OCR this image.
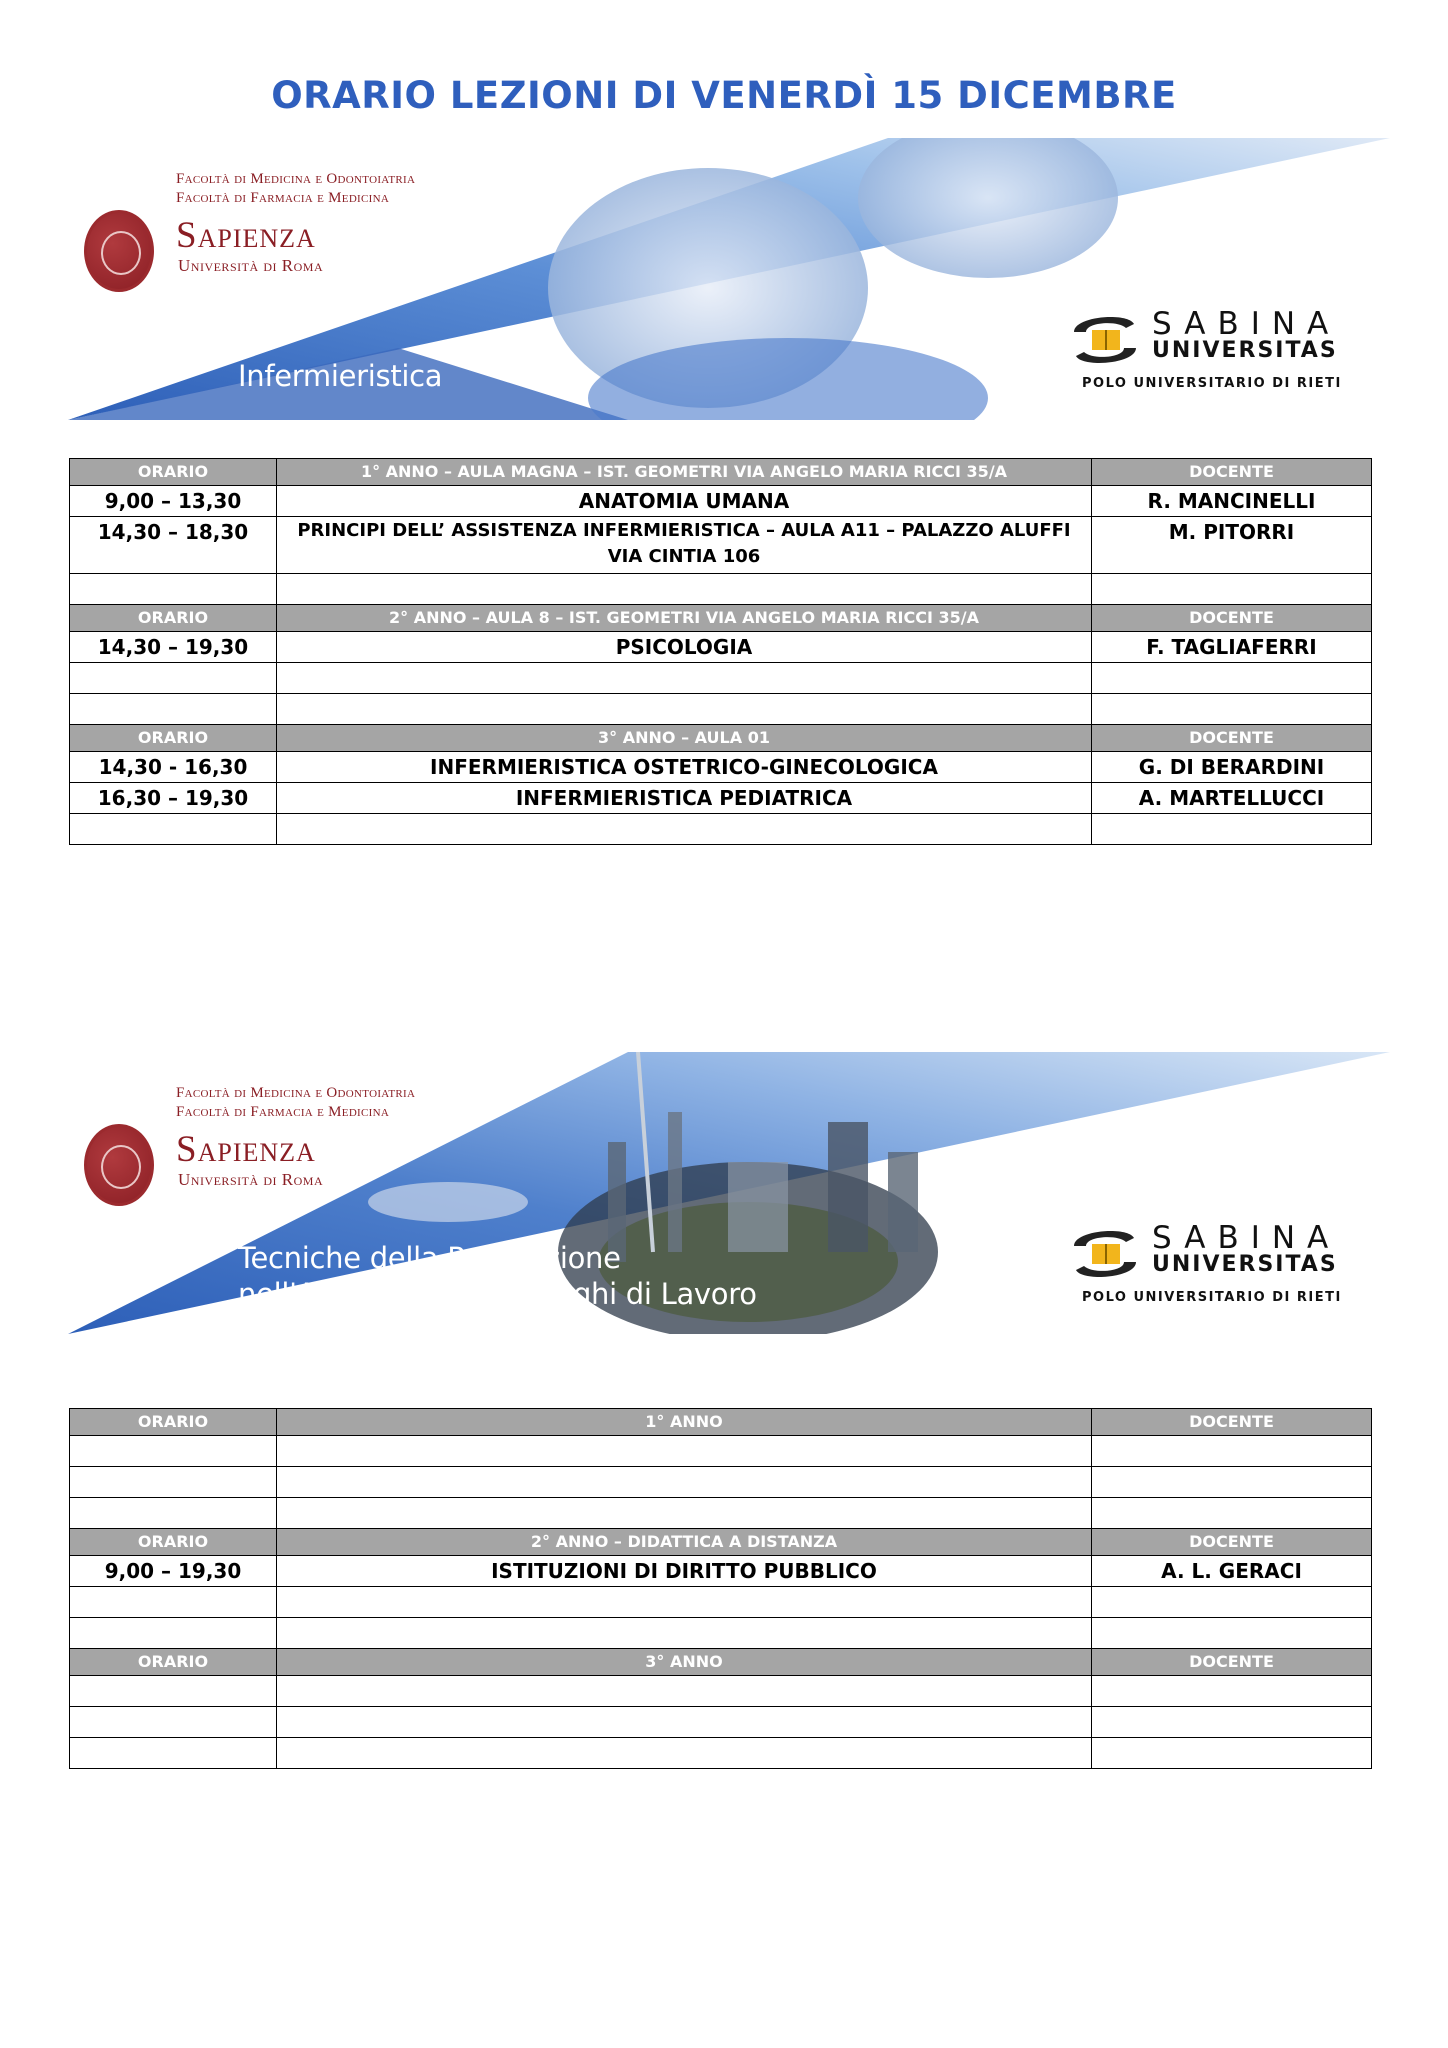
ORARIO LEZIONI DI VENERDÌ 15 DICEMBRE
Facoltà di Medicina e Odontoiatria
Facoltà di Farmacia e Medicina
Sapienza
Università di Roma
Infermieristica
SABINA
UNIVERSITAS
POLO UNIVERSITARIO DI RIETI
ORARIO	1° ANNO – AULA MAGNA – IST. GEOMETRI VIA ANGELO MARIA RICCI 35/A	DOCENTE
9,00 – 13,30	ANATOMIA UMANA	R. MANCINELLI
14,30 – 18,30	PRINCIPI DELL’ ASSISTENZA INFERMIERISTICA – AULA A11 – PALAZZO ALUFFI VIA CINTIA 106	M. PITORRI

ORARIO	2° ANNO – AULA 8 – IST. GEOMETRI VIA ANGELO MARIA RICCI 35/A	DOCENTE
14,30 – 19,30	PSICOLOGIA	F. TAGLIAFERRI

ORARIO	3° ANNO – AULA 01	DOCENTE
14,30 - 16,30	INFERMIERISTICA OSTETRICO-GINECOLOGICA	G. DI BERARDINI
16,30 – 19,30	INFERMIERISTICA PEDIATRICA	A. MARTELLUCCI

Facoltà di Medicina e Odontoiatria
Facoltà di Farmacia e Medicina
Sapienza
Università di Roma
Tecniche della Prevenzione
nell'Ambiente e nei Luoghi di Lavoro
SABINA
UNIVERSITAS
POLO UNIVERSITARIO DI RIETI
ORARIO	1° ANNO	DOCENTE

ORARIO	2° ANNO – DIDATTICA A DISTANZA	DOCENTE
9,00 – 19,30	ISTITUZIONI DI DIRITTO PUBBLICO	A. L. GERACI

ORARIO	3° ANNO	DOCENTE
